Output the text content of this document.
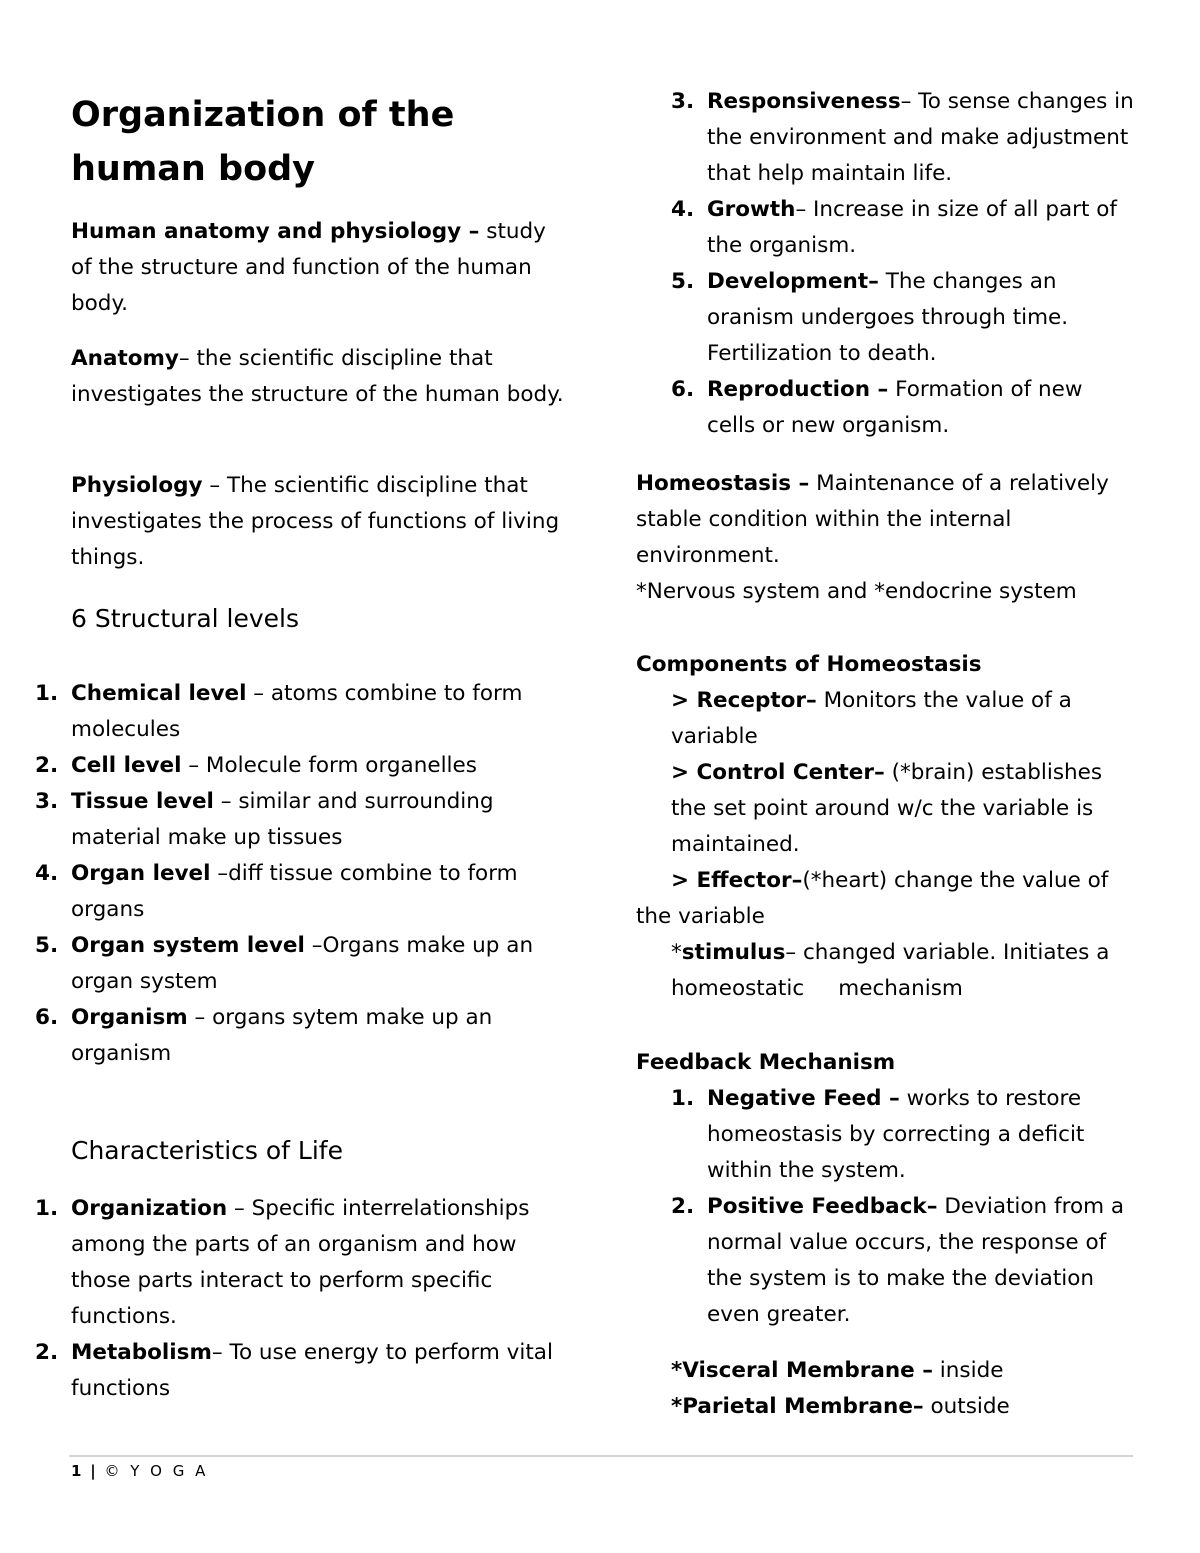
Organization of the human body

Human anatomy and physiology – study of the structure and function of the human body.

Anatomy– the scientific discipline that investigates the structure of the human body.

Physiology – The scientific discipline that investigates the process of functions of living things.

6 Structural levels
1. Chemical level – atoms combine to form molecules
2. Cell level – Molecule form organelles
3. Tissue level – similar and surrounding material make up tissues
4. Organ level –diff tissue combine to form organs
5. Organ system level –Organs make up an organ system
6. Organism – organs sytem make up an organism
Characteristics of Life
1. Organization – Specific interrelationships among the parts of an organism and how those parts interact to perform specific functions.
2. Metabolism– To use energy to perform vital functions
3. Responsiveness– To sense changes in the environment and make adjustment that help maintain life.
4. Growth– Increase in size of all part of the organism.
5. Development– The changes an oranism undergoes through time. Fertilization to death.
6. Reproduction – Formation of new cells or new organism.

Homeostasis – Maintenance of a relatively stable condition within the internal environment.

*Nervous system and *endocrine system

Components of Homeostasis

> Receptor– Monitors the value of a variable

> Control Center– (*brain) establishes the set point around w/c the variable is maintained.

> Effector–(*heart) change the value of

the variable

*stimulus– changed variable. Initiates a homeostatic     mechanism

Feedback Mechanism

1. Negative Feed – works to restore homeostasis by correcting a deficit within the system.
2. Positive Feedback– Deviation from a normal value occurs, the response of the system is to make the deviation even greater.

*Visceral Membrane – inside

*Parietal Membrane– outside

1 | © Y O G A
